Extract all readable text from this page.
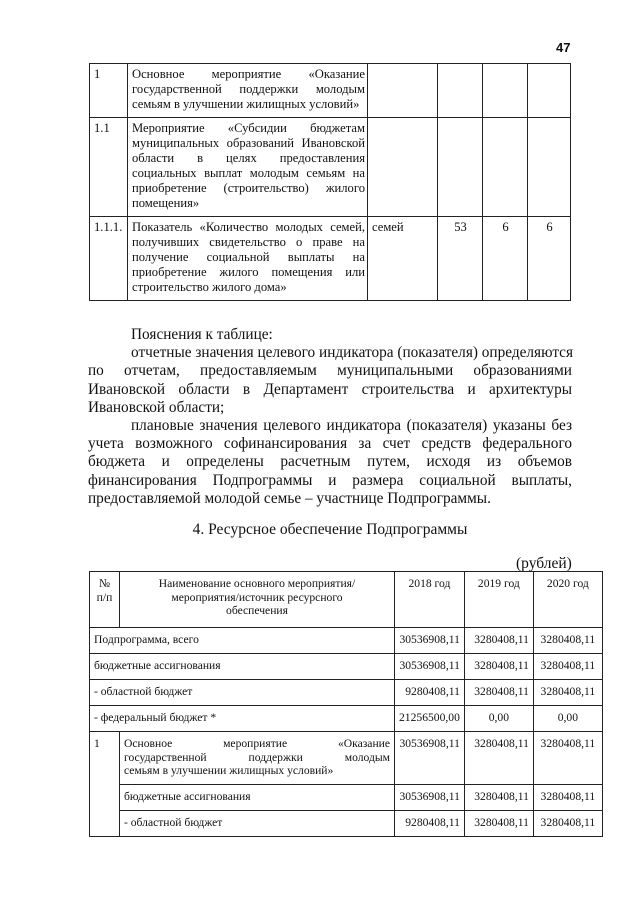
47
1	Основное мероприятие «Оказание
государственной поддержки молодым
семьям в улучшении жилищных условий»				

1.1	Мероприятие «Субсидии бюджетам
муниципальных образований Ивановской
области в целях предоставления
социальных выплат молодым семьям на
приобретение (строительство) жилого
помещения»

1.1.1.	Показатель «Количество молодых семей,
получивших свидетельство о праве на
получение социальной выплаты на
приобретение жилого помещения или
строительство жилого дома»	семей	53	6	6

Пояснения к таблице:

отчетные значения целевого индикатора (показателя) определяются
по отчетам, предоставляемым муниципальными образованиями
Ивановской области в Департамент строительства и архитектуры
Ивановской области;
плановые значения целевого индикатора (показателя) указаны без
учета возможного софинансирования за счет средств федерального
бюджета и определены расчетным путем, исходя из объемов
финансирования Подпрограммы и размера социальной выплаты,
предоставляемой молодой семье – участнице Подпрограммы.
4. Ресурсное обеспечение Подпрограммы
(рублей)
№ п/п	Наименование основного мероприятия/мероприятия/источник ресурсного обеспечения	2018 год	2019 год	2020 год
Подпрограмма, всего		30536908,11	3280408,11	3280408,11
бюджетные ассигнования		30536908,11	3280408,11	3280408,11
- областной бюджет		9280408,11	3280408,11	3280408,11
- федеральный бюджет *		21256500,00	0,00	0,00
1	Основное мероприятие «Оказание
государственной поддержки молодым
семьям в улучшении жилищных условий»	30536908,11	3280408,11	3280408,11
	бюджетные ассигнования	30536908,11	3280408,11	3280408,11
	- областной бюджет	9280408,11	3280408,11	3280408,11
